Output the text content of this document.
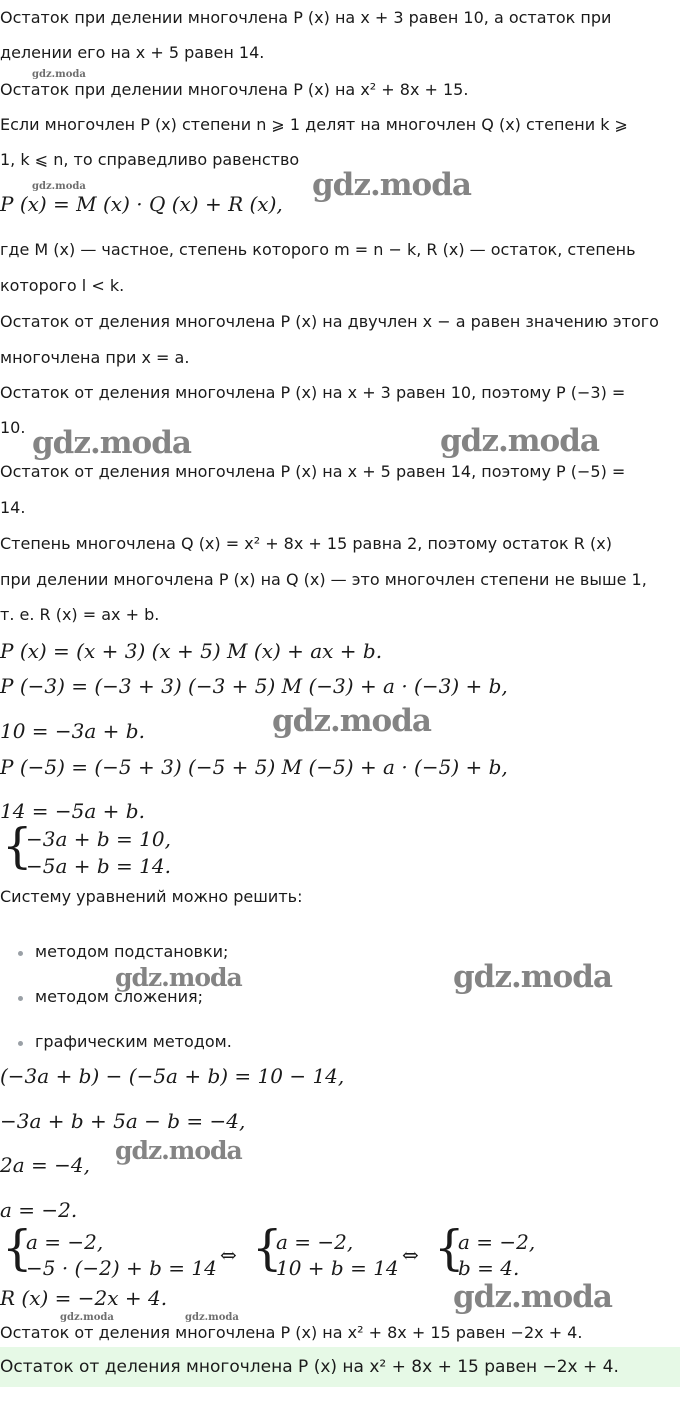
Остаток при делении многочлена P (x) на x + 3 равен 10, а остаток при
делении его на x + 5 равен 14.
Остаток при делении многочлена P (x) на x² + 8x + 15.
Если многочлен P (x) степени n ⩾ 1 делят на многочлен Q (x) степени k ⩾
1, k ⩽ n, то справедливо равенство
P (x) = M (x) · Q (x) + R (x),
где M (x) — частное, степень которого m = n − k, R (x) — остаток, степень
которого l < k.
Остаток от деления многочлена P (x) на двучлен x − a равен значению этого
многочлена при x = a.
Остаток от деления многочлена P (x) на x + 3 равен 10, поэтому P (−3) =
10.
Остаток от деления многочлена P (x) на x + 5 равен 14, поэтому P (−5) =
14.
Степень многочлена Q (x) = x² + 8x + 15 равна 2, поэтому остаток R (x)
при делении многочлена P (x) на Q (x) — это многочлен степени не выше 1,
т. е. R (x) = ax + b.
P (x) = (x + 3) (x + 5) M (x) + ax + b.
P (−3) = (−3 + 3) (−3 + 5) M (−3) + a · (−3) + b,
10 = −3a + b.
P (−5) = (−5 + 3) (−5 + 5) M (−5) + a · (−5) + b,
14 = −5a + b.
{
−3a + b = 10,
−5a + b = 14.
Систему уравнений можно решить:
методом подстановки;
методом сложения;
графическим методом.
(−3a + b) − (−5a + b) = 10 − 14,
−3a + b + 5a − b = −4,
2a = −4,
a = −2.
{
a = −2,
−5 · (−2) + b = 14
⇔ {
a = −2,
10 + b = 14
⇔ {
a = −2,
b = 4.
R (x) = −2x + 4.
Остаток от деления многочлена P (x) на x² + 8x + 15 равен −2x + 4.
Остаток от деления многочлена P (x) на x² + 8x + 15 равен −2x + 4.
gdz.moda
gdz.moda	gdz.moda
gdz.moda	gdz.moda
gdz.moda
gdz.moda	gdz.moda
gdz.moda
gdz.moda
gdz.moda	gdz.moda
